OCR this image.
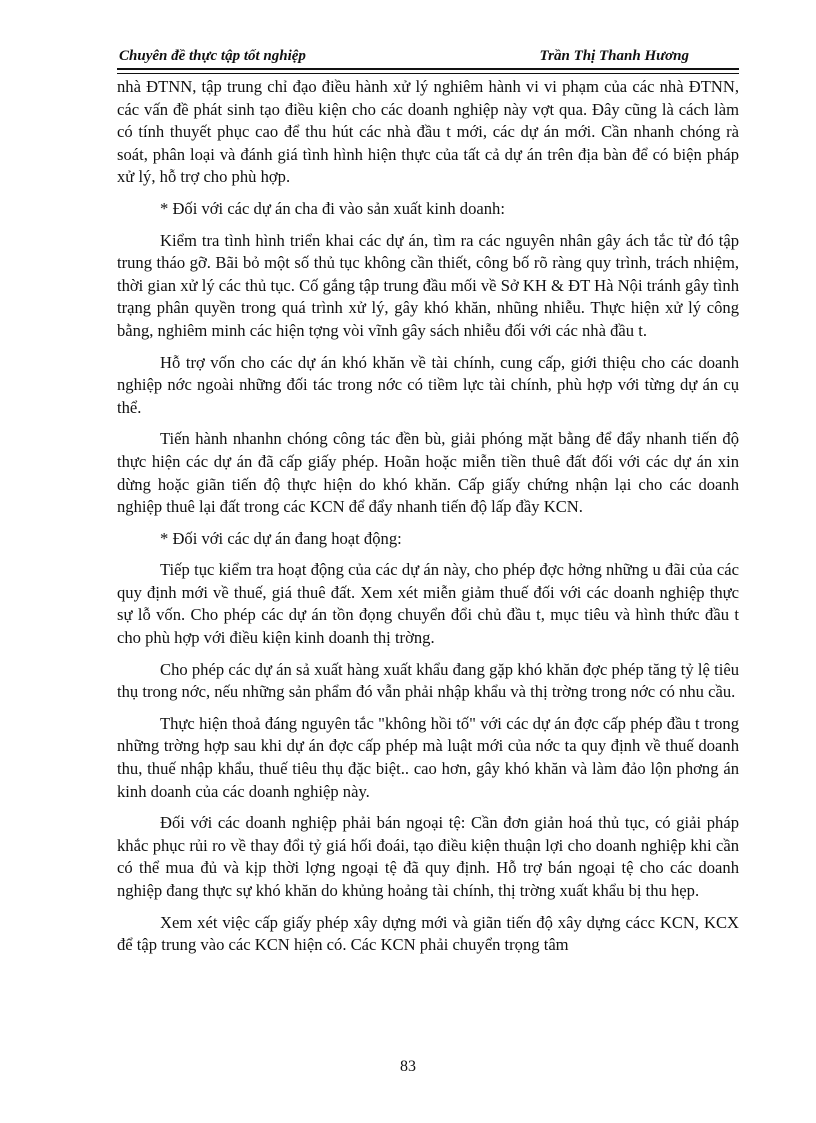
Chuyên đề thực tập tốt nghiệp	Trần Thị Thanh Hương

nhà ĐTNN, tập trung chỉ đạo điều hành xử lý nghiêm hành vi vi phạm của các nhà ĐTNN, các vấn đề phát sinh tạo điều kiện cho các doanh nghiệp này vợt qua. Đây cũng là cách làm có tính thuyết phục cao để thu hút các nhà đầu t mới, các dự án mới. Cần nhanh chóng rà soát, phân loại và đánh giá tình hình hiện thực của tất cả dự án trên địa bàn để có biện pháp xử lý, hỗ trợ cho phù hợp.

* Đối với các dự án cha đi vào sản xuất kinh doanh:

Kiểm tra tình hình triển khai các dự án, tìm ra các nguyên nhân gây ách tắc từ đó tập trung tháo gỡ. Bãi bỏ một số thủ tục không cần thiết, công bố rõ ràng quy trình, trách nhiệm, thời gian xử lý các thủ tục. Cố gắng tập trung đầu mối về Sở KH & ĐT Hà Nội tránh gây tình trạng phân quyền trong quá trình xử lý, gây khó khăn, nhũng nhiễu. Thực hiện xử lý công bằng, nghiêm minh các hiện tợng vòi vĩnh gây sách nhiễu đối với các nhà đầu t.

Hỗ trợ vốn cho các dự án khó khăn về tài chính, cung cấp, giới thiệu cho các doanh nghiệp nớc ngoài những đối tác trong nớc có tiềm lực tài chính, phù hợp với từng dự án cụ thể.

Tiến hành nhanhn chóng công tác đền bù, giải phóng mặt bằng để đẩy nhanh tiến độ thực hiện các dự án đã cấp giấy phép. Hoãn hoặc miễn tiền thuê đất đối với các dự án xin dừng hoặc giãn tiến độ thực hiện do khó khăn. Cấp giấy chứng nhận lại cho các doanh nghiệp thuê lại đất trong các KCN để đẩy nhanh tiến độ lấp đầy KCN.

* Đối với các dự án đang hoạt động:

Tiếp tục kiểm tra hoạt động của các dự án này, cho phép đợc hởng những u đãi của các quy định mới về thuế, giá thuê đất. Xem xét miễn giảm thuế đối với các doanh nghiệp thực sự lỗ vốn. Cho phép các dự án tồn đọng chuyển đổi chủ đầu t, mục tiêu và hình thức đầu t cho phù hợp với điều kiện kinh doanh thị trờng.

Cho phép các dự án sả xuất hàng xuất khẩu đang gặp khó khăn đợc phép tăng tỷ lệ tiêu thụ trong nớc, nếu những sản phẩm đó vẫn phải nhập khẩu và thị trờng trong nớc có nhu cầu.

Thực hiện thoả đáng nguyên tắc "không hồi tố" với các dự án đợc cấp phép đầu t trong những trờng hợp sau khi dự án đợc cấp phép mà luật mới của nớc ta quy định về thuế doanh thu, thuế nhập khẩu, thuế tiêu thụ đặc biệt.. cao hơn, gây khó khăn và làm đảo lộn phơng án kinh doanh của các doanh nghiệp này.

Đối với các doanh nghiệp phải bán ngoại tệ: Cần đơn giản hoá thủ tục, có giải pháp khắc phục rủi ro về thay đổi tỷ giá hối đoái, tạo điều kiện thuận lợi cho doanh nghiệp khi cần có thể mua đủ và kịp thời lợng ngoại tệ đã quy định. Hỗ trợ bán ngoại tệ cho các doanh nghiệp đang thực sự khó khăn do khủng hoảng tài chính, thị trờng xuất khẩu bị thu hẹp.

Xem xét việc cấp giấy phép xây dựng mới và giãn tiến độ xây dựng cácc KCN, KCX để tập trung vào các KCN hiện có. Các KCN phải chuyển trọng tâm

83
